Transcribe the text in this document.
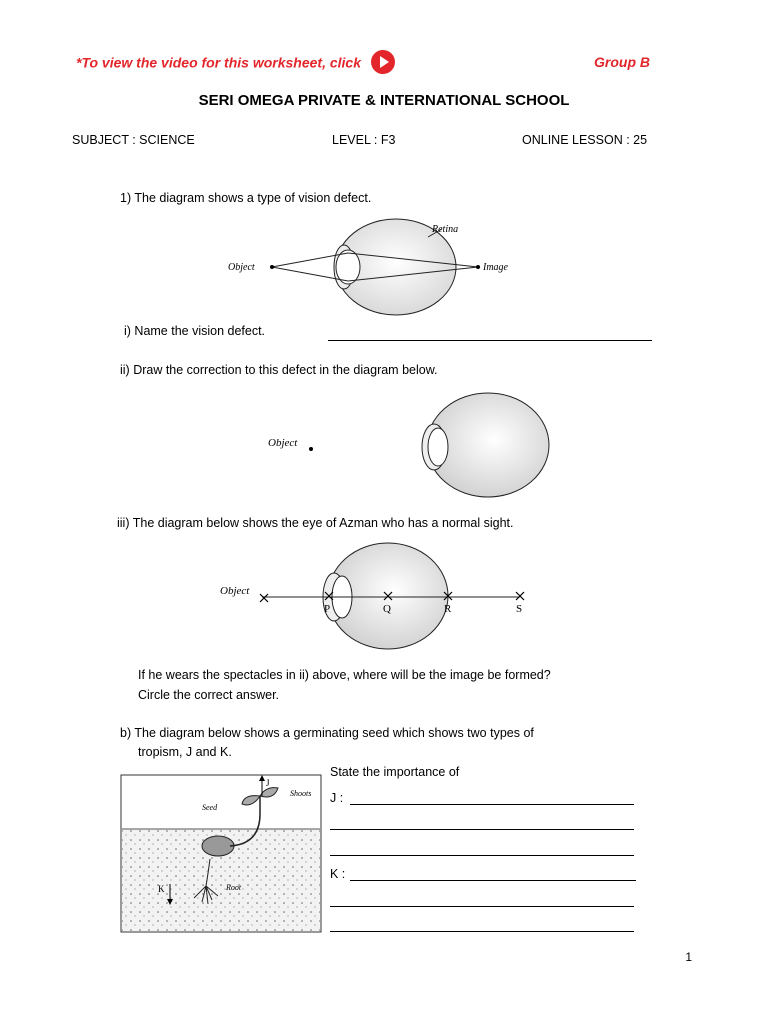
*To view the video for this worksheet, click	Group B
SERI OMEGA PRIVATE & INTERNATIONAL SCHOOL
SUBJECT : SCIENCE	LEVEL : F3	ONLINE LESSON : 25
1) The diagram shows a type of vision defect.
Retina
Object	Image
i) Name the vision defect.
ii) Draw the correction to this defect in the diagram below.
Object
iii) The diagram below shows the eye of Azman who has a normal sight.
Object
P	Q	R	S
If he wears the spectacles in ii) above, where will be the image be formed?
Circle the correct answer.
b) The diagram below shows a germinating seed which shows two types of
tropism, J and K.
J
K
Seed
Shoots
Root
State the importance of
J :
K :
1
